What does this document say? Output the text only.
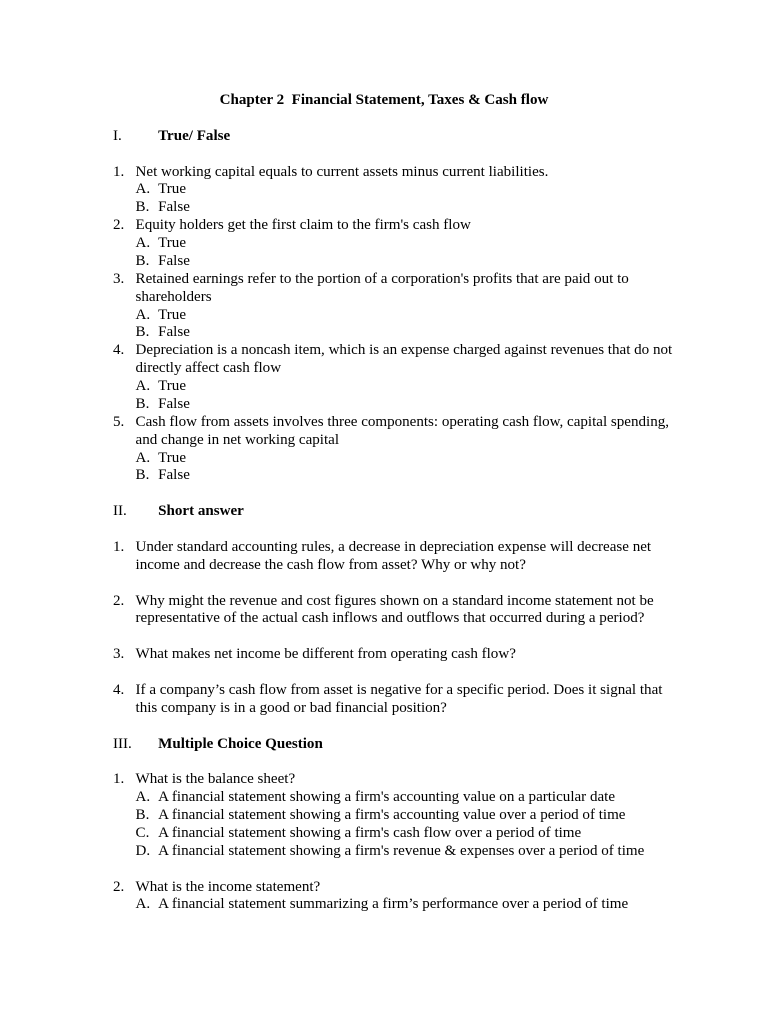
Chapter 2  Financial Statement, Taxes & Cash flow
I. True/ False
1. Net working capital equals to current assets minus current liabilities.
A. True
B. False
2. Equity holders get the first claim to the firm's cash flow
A. True
B. False
3. Retained earnings refer to the portion of a corporation's profits that are paid out to shareholders
A. True
B. False
4. Depreciation is a noncash item, which is an expense charged against revenues that do not directly affect cash flow
A. True
B. False
5. Cash flow from assets involves three components: operating cash flow, capital spending, and change in net working capital
A. True
B. False
II. Short answer
1. Under standard accounting rules, a decrease in depreciation expense will decrease net income and decrease the cash flow from asset? Why or why not?
2. Why might the revenue and cost figures shown on a standard income statement not be representative of the actual cash inflows and outflows that occurred during a period?
3. What makes net income be different from operating cash flow?
4. If a company’s cash flow from asset is negative for a specific period. Does it signal that this company is in a good or bad financial position?
III. Multiple Choice Question
1. What is the balance sheet?
A. A financial statement showing a firm's accounting value on a particular date
B. A financial statement showing a firm's accounting value over a period of time
C. A financial statement showing a firm's cash flow over a period of time
D. A financial statement showing a firm's revenue & expenses over a period of time
2. What is the income statement?
A. A financial statement summarizing a firm’s performance over a period of time
